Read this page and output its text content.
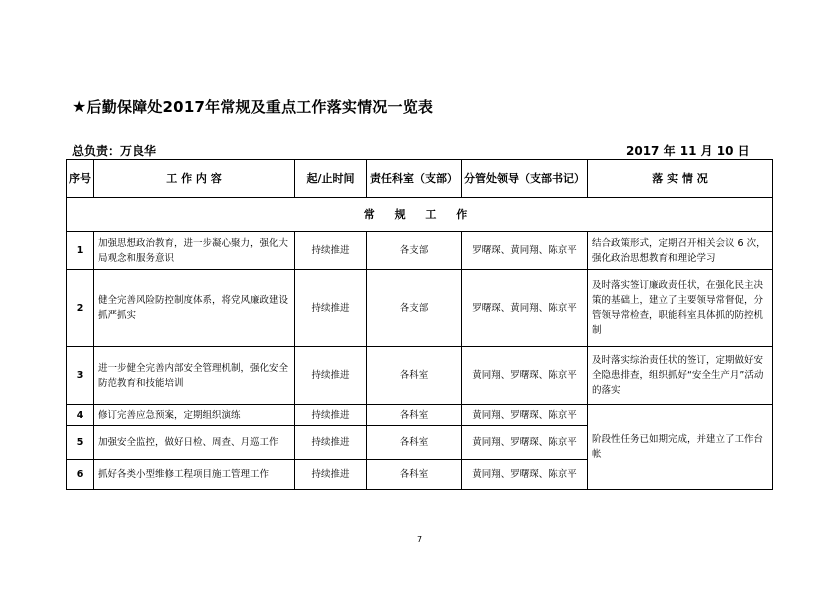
★后勤保障处2017年常规及重点工作落实情况一览表
总负责：万良华	2017 年 11 月 10 日
序号	工 作 内 容	起/止时间	责任科室（支部）	分管处领导（支部书记）	落 实 情 况
常 规 工 作					
1	加强思想政治教育，进一步凝心聚力，强化大局观念和服务意识	持续推进	各支部	罗曙琛、黄同翔、陈京平	结合政策形式，定期召开相关会议 6 次，强化政治思想教育和理论学习
2	健全完善风险防控制度体系，将党风廉政建设抓严抓实	持续推进	各支部	罗曙琛、黄同翔、陈京平	及时落实签订廉政责任状，在强化民主决策的基础上，建立了主要领导常督促，分管领导常检查，职能科室具体抓的防控机制
3	进一步健全完善内部安全管理机制，强化安全防范教育和技能培训	持续推进	各科室	黄同翔、罗曙琛、陈京平	及时落实综治责任状的签订，定期做好安全隐患排查，组织抓好“安全生产月”活动的落实
4	修订完善应急预案，定期组织演练	持续推进	各科室	黄同翔、罗曙琛、陈京平	阶段性任务已如期完成，并建立了工作台帐
5	加强安全监控，做好日检、周查、月巡工作	持续推进	各科室	黄同翔、罗曙琛、陈京平	
6	抓好各类小型维修工程项目施工管理工作	持续推进	各科室	黄同翔、罗曙琛、陈京平	
7
